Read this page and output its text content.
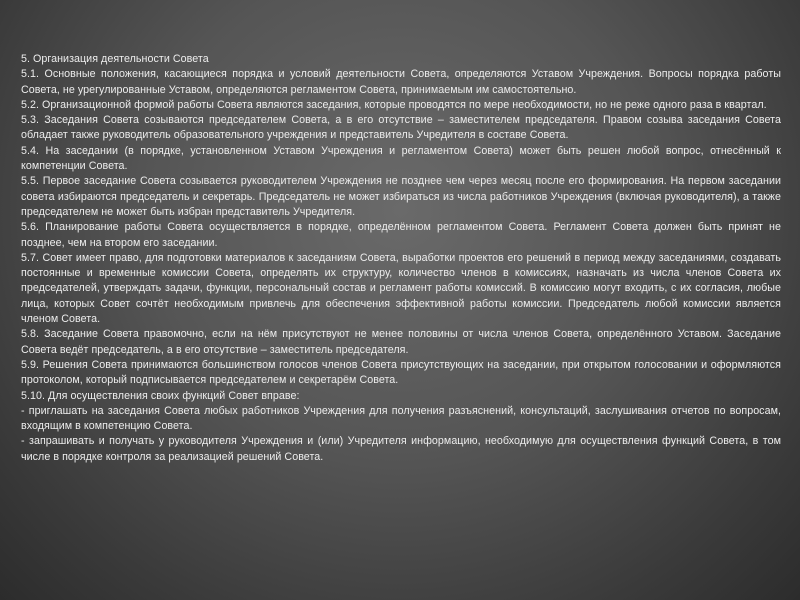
5. Организация деятельности Совета

5.1. Основные положения, касающиеся порядка и условий деятельности Совета, определяются Уставом Учреждения. Вопросы порядка работы Совета, не урегулированные Уставом, определяются регламентом Совета, принимаемым им самостоятельно.

5.2. Организационной формой работы Совета являются заседания, которые проводятся по мере необходимости, но не реже одного раза в квартал.

5.3. Заседания Совета созываются председателем Совета, а в его отсутствие – заместителем председателя. Правом созыва заседания Совета обладает также руководитель образовательного учреждения и представитель Учредителя в составе Совета.

5.4. На заседании (в порядке, установленном Уставом Учреждения и регламентом Совета) может быть решен любой вопрос, отнесённый к компетенции Совета.

5.5. Первое заседание Совета созывается руководителем Учреждения не позднее чем через месяц после его формирования. На первом заседании совета избираются председатель и секретарь. Председатель не может избираться из числа работников Учреждения (включая руководителя), а также председателем не может быть избран представитель Учредителя.

5.6. Планирование работы Совета осуществляется в порядке, определённом регламентом Совета. Регламент Совета должен быть принят не позднее, чем на втором его заседании.

5.7. Совет имеет право, для подготовки материалов к заседаниям Совета, выработки проектов его решений в период между заседаниями, создавать постоянные и временные комиссии Совета, определять их структуру, количество членов в комиссиях, назначать из числа членов Совета их председателей, утверждать задачи, функции, персональный состав и регламент работы комиссий. В комиссию могут входить, с их согласия, любые лица, которых Совет сочтёт необходимым привлечь для обеспечения эффективной работы комиссии. Председатель любой комиссии является членом Совета.

5.8. Заседание Совета правомочно, если на нём присутствуют не менее половины от числа членов Совета, определённого Уставом. Заседание Совета ведёт председатель, а в его отсутствие – заместитель председателя.

5.9. Решения Совета принимаются большинством голосов членов Совета присутствующих на заседании, при открытом голосовании и оформляются протоколом, который подписывается председателем и секретарём Совета.

5.10. Для осуществления своих функций Совет вправе:

- приглашать на заседания Совета любых работников Учреждения для получения разъяснений, консультаций, заслушивания отчетов по вопросам, входящим в компетенцию Совета.

- запрашивать и получать у руководителя Учреждения и (или) Учредителя информацию, необходимую для осуществления функций Совета, в том числе в порядке контроля за реализацией решений Совета.
